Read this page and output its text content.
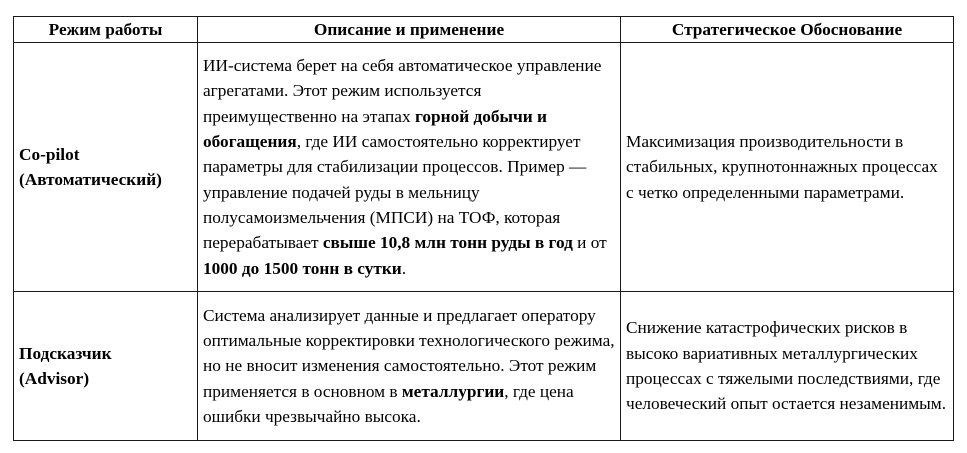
Режим работы	Описание и применение	Стратегическое Обоснование
Co-pilot
(Автоматический)	ИИ-система берет на себя автоматическое управление агрегатами. Этот режим используется преимущественно на этапах горной добычи и обогащения, где ИИ самостоятельно корректирует параметры для стабилизации процессов. Пример — управление подачей руды в мельницу полусамоизмельчения (МПСИ) на ТОФ, которая перерабатывает свыше 10,8 млн тонн руды в год и от 1000 до 1500 тонн в сутки.	Максимизация производительности в стабильных, крупнотоннажных процессах с четко определенными параметрами.
Подсказчик
(Advisor)	Система анализирует данные и предлагает оператору оптимальные корректировки технологического режима, но не вносит изменения самостоятельно. Этот режим применяется в основном в металлургии, где цена ошибки чрезвычайно высока.	Снижение катастрофических рисков в высоко вариативных металлургических процессах с тяжелыми последствиями, где человеческий опыт остается незаменимым.
